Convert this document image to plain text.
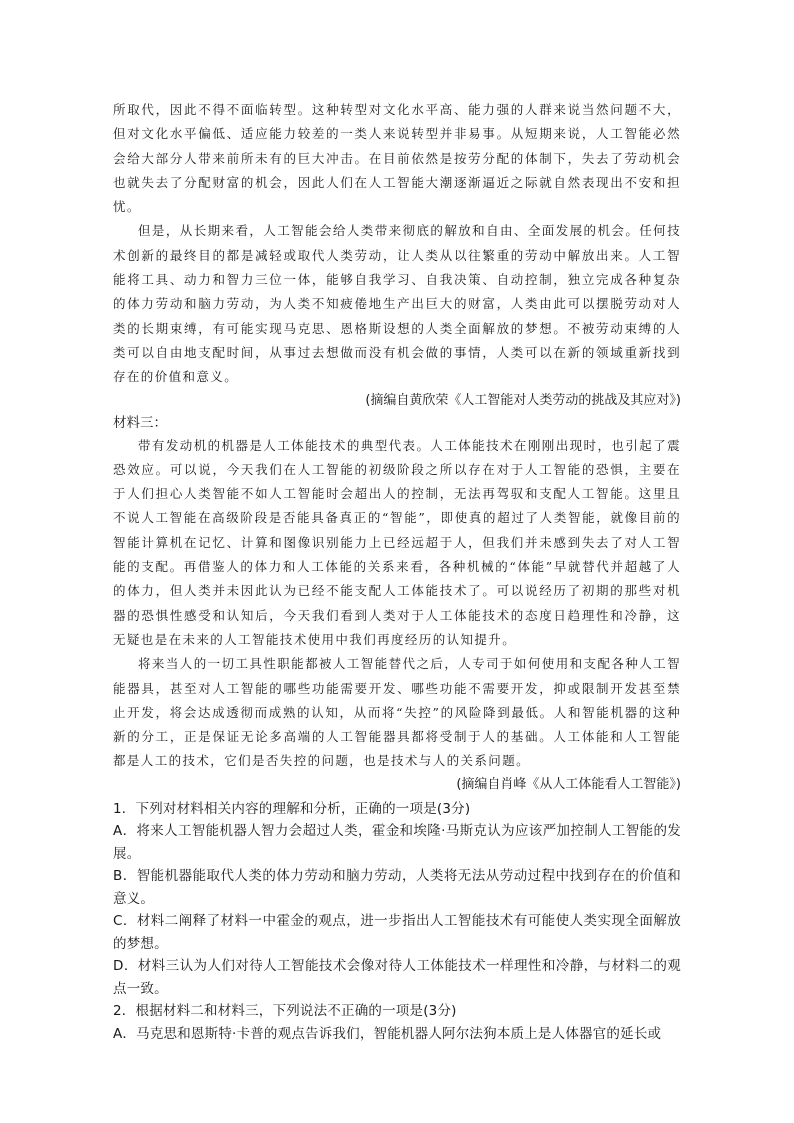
所取代，因此不得不面临转型。这种转型对文化水平高、能力强的人群来说当然问题不大，但对文化水平偏低、适应能力较差的一类人来说转型并非易事。从短期来说，人工智能必然会给大部分人带来前所未有的巨大冲击。在目前依然是按劳分配的体制下，失去了劳动机会也就失去了分配财富的机会，因此人们在人工智能大潮逐渐逼近之际就自然表现出不安和担忧。

但是，从长期来看，人工智能会给人类带来彻底的解放和自由、全面发展的机会。任何技术创新的最终目的都是减轻或取代人类劳动，让人类从以往繁重的劳动中解放出来。人工智能将工具、动力和智力三位一体，能够自我学习、自我决策、自动控制，独立完成各种复杂的体力劳动和脑力劳动，为人类不知疲倦地生产出巨大的财富，人类由此可以摆脱劳动对人类的长期束缚，有可能实现马克思、恩格斯设想的人类全面解放的梦想。不被劳动束缚的人类可以自由地支配时间，从事过去想做而没有机会做的事情，人类可以在新的领域重新找到存在的价值和意义。

(摘编自黄欣荣《人工智能对人类劳动的挑战及其应对》)

材料三：

带有发动机的机器是人工体能技术的典型代表。人工体能技术在刚刚出现时，也引起了震恐效应。可以说，今天我们在人工智能的初级阶段之所以存在对于人工智能的恐惧，主要在于人们担心人类智能不如人工智能时会超出人的控制，无法再驾驭和支配人工智能。这里且不说人工智能在高级阶段是否能具备真正的“智能”，即使真的超过了人类智能，就像目前的智能计算机在记忆、计算和图像识别能力上已经远超于人，但我们并未感到失去了对人工智能的支配。再借鉴人的体力和人工体能的关系来看，各种机械的“体能”早就替代并超越了人的体力，但人类并未因此认为已经不能支配人工体能技术了。可以说经历了初期的那些对机器的恐惧性感受和认知后，今天我们看到人类对于人工体能技术的态度日趋理性和冷静，这无疑也是在未来的人工智能技术使用中我们再度经历的认知提升。

将来当人的一切工具性职能都被人工智能替代之后，人专司于如何使用和支配各种人工智能器具，甚至对人工智能的哪些功能需要开发、哪些功能不需要开发，抑或限制开发甚至禁止开发，将会达成透彻而成熟的认知，从而将“失控”的风险降到最低。人和智能机器的这种新的分工，正是保证无论多高端的人工智能器具都将受制于人的基础。人工体能和人工智能都是人工的技术，它们是否失控的问题，也是技术与人的关系问题。

(摘编自肖峰《从人工体能看人工智能》)

1．下列对材料相关内容的理解和分析，正确的一项是(3分)

A．将来人工智能机器人智力会超过人类，霍金和埃隆·马斯克认为应该严加控制人工智能的发展。

B．智能机器能取代人类的体力劳动和脑力劳动，人类将无法从劳动过程中找到存在的价值和意义。

C．材料二阐释了材料一中霍金的观点，进一步指出人工智能技术有可能使人类实现全面解放的梦想。

D．材料三认为人们对待人工智能技术会像对待人工体能技术一样理性和冷静，与材料二的观点一致。

2．根据材料二和材料三，下列说法不正确的一项是(3分)

A．马克思和恩斯特·卡普的观点告诉我们，智能机器人阿尔法狗本质上是人体器官的延长或
